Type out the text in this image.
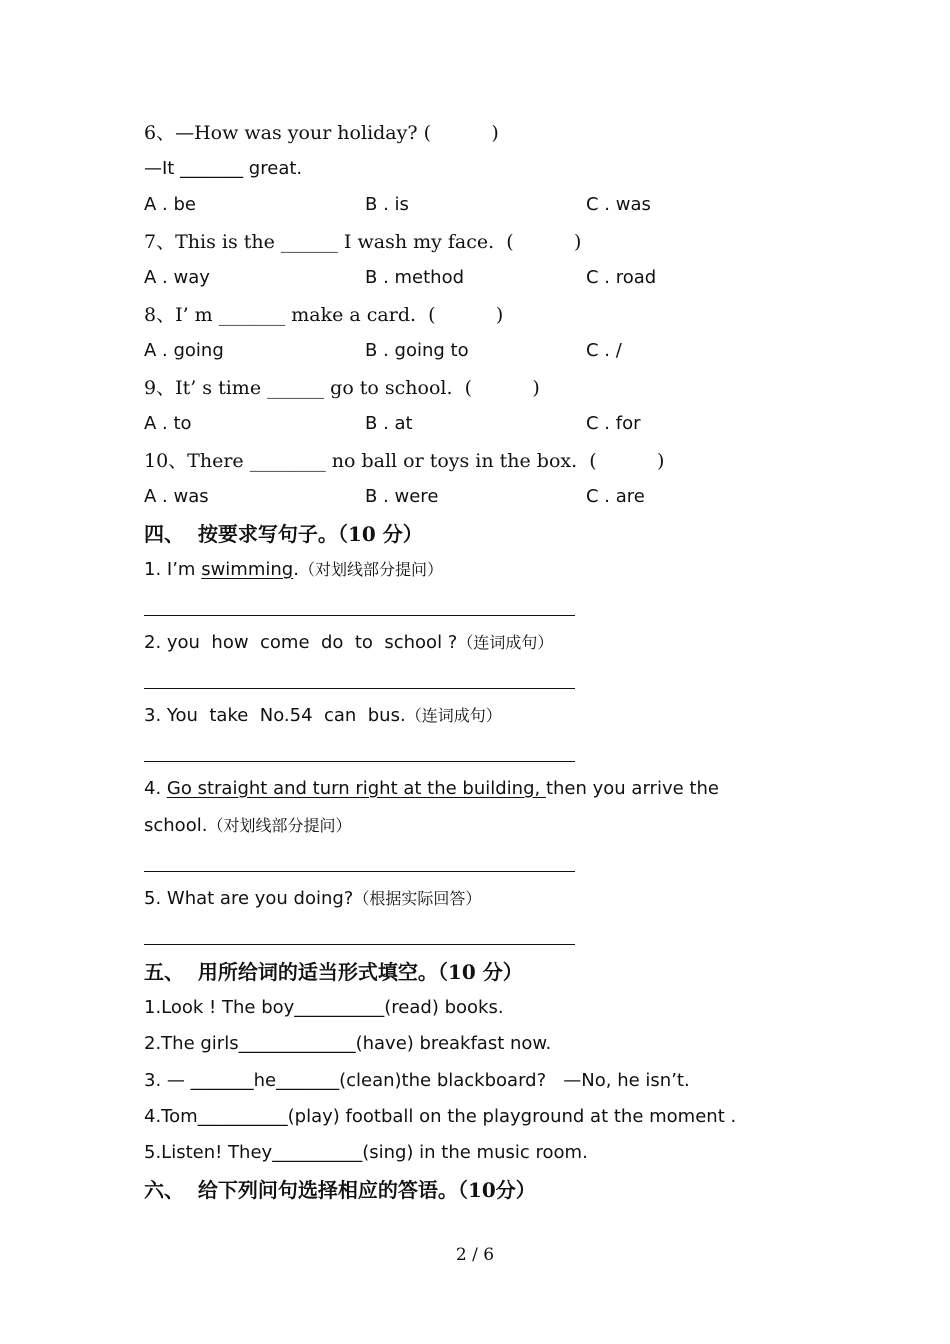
6、—How was your holiday? (          )
—It _______ great.
A . be	B . is	C . was
7、This is the ______ I wash my face.  (          )
A . way	B . method	C . road
8、I’ m _______ make a card.  (          )
A . going	B . going to	C . /
9、It’ s time ______ go to school.  (          )
A . to	B . at	C . for
10、There ________ no ball or toys in the box.  (          )
A . was	B . were	C . are
四、  按要求写句子。（10 分）
1. I’m swimming.（对划线部分提问）
2. you  how  come  do  to  school ?（连词成句）
3. You  take  No.54  can  bus.（连词成句）
4. Go straight and turn right at the building, then you arrive the
school.（对划线部分提问）
5. What are you doing?（根据实际回答）
五、  用所给词的适当形式填空。（10 分）
1.Look ! The boy__________(read) books.
2.The girls_____________(have) breakfast now.
3. — _______he_______(clean)the blackboard?   —No, he isn’t.
4.Tom__________(play) football on the playground at the moment .
5.Listen! They__________(sing) in the music room.
六、  给下列问句选择相应的答语。（10分）
2 / 6
